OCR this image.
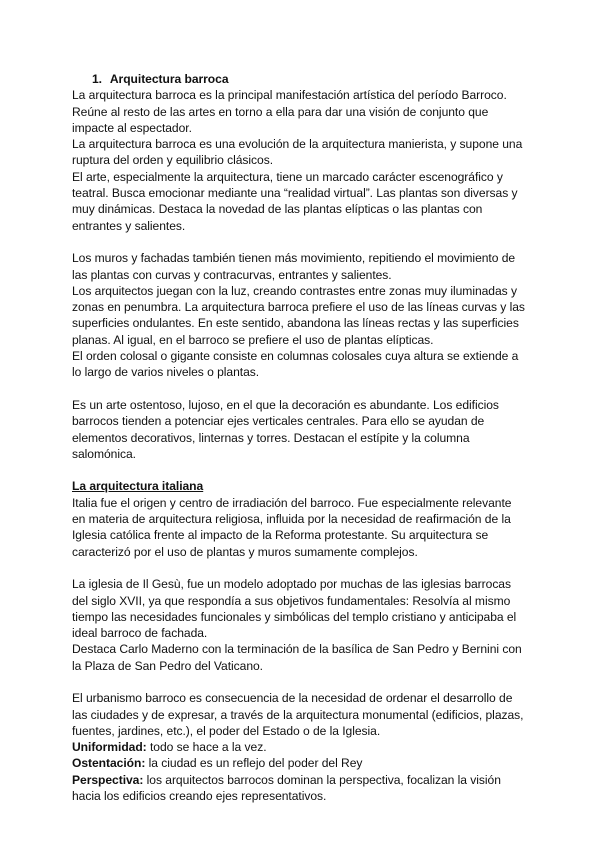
1. Arquitectura barroca

La arquitectura barroca es la principal manifestación artística del período Barroco. Reúne al resto de las artes en torno a ella para dar una visión de conjunto que impacte al espectador.

La arquitectura barroca es una evolución de la arquitectura manierista, y supone una ruptura del orden y equilibrio clásicos.

El arte, especialmente la arquitectura, tiene un marcado carácter escenográfico y teatral. Busca emocionar mediante una “realidad virtual”. Las plantas son diversas y muy dinámicas. Destaca la novedad de las plantas elípticas o las plantas con entrantes y salientes.

Los muros y fachadas también tienen más movimiento, repitiendo el movimiento de las plantas con curvas y contracurvas, entrantes y salientes.

Los arquitectos juegan con la luz, creando contrastes entre zonas muy iluminadas y zonas en penumbra. La arquitectura barroca prefiere el uso de las líneas curvas y las superficies ondulantes. En este sentido, abandona las líneas rectas y las superficies planas. Al igual, en el barroco se prefiere el uso de plantas elípticas.

El orden colosal o gigante consiste en columnas colosales cuya altura se extiende a lo largo de varios niveles o plantas.

Es un arte ostentoso, lujoso, en el que la decoración es abundante. Los edificios barrocos tienden a potenciar ejes verticales centrales. Para ello se ayudan de elementos decorativos, linternas y torres. Destacan el estípite y la columna salomónica.

La arquitectura italiana

Italia fue el origen y centro de irradiación del barroco. Fue especialmente relevante en materia de arquitectura religiosa, influida por la necesidad de reafirmación de la Iglesia católica frente al impacto de la Reforma protestante. Su arquitectura se caracterizó por el uso de plantas y muros sumamente complejos.

La iglesia de Il Gesù, fue un modelo adoptado por muchas de las iglesias barrocas del siglo XVII, ya que respondía a sus objetivos fundamentales: Resolvía al mismo tiempo las necesidades funcionales y simbólicas del templo cristiano y anticipaba el ideal barroco de fachada.

Destaca Carlo Maderno con la terminación de la basílica de San Pedro y Bernini con la Plaza de San Pedro del Vaticano.

El urbanismo barroco es consecuencia de la necesidad de ordenar el desarrollo de las ciudades y de expresar, a través de la arquitectura monumental (edificios, plazas, fuentes, jardines, etc.), el poder del Estado o de la Iglesia.

Uniformidad: todo se hace a la vez.

Ostentación: la ciudad es un reflejo del poder del Rey

Perspectiva: los arquitectos barrocos dominan la perspectiva, focalizan la visión hacia los edificios creando ejes representativos.
